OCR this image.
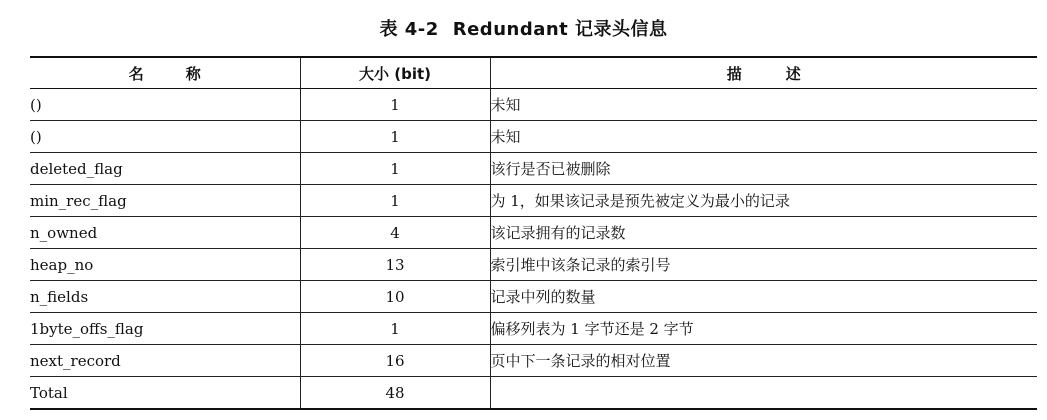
表 4-2 Redundant 记录头信息
名 称	大小 (bit)	描 述
()	1	未知
()	1	未知
deleted_flag	1	该行是否已被删除
min_rec_flag	1	为 1，如果该记录是预先被定义为最小的记录
n_owned	4	该记录拥有的记录数
heap_no	13	索引堆中该条记录的索引号
n_fields	10	记录中列的数量
1byte_offs_flag	1	偏移列表为 1 字节还是 2 字节
next_record	16	页中下一条记录的相对位置
Total	48	
